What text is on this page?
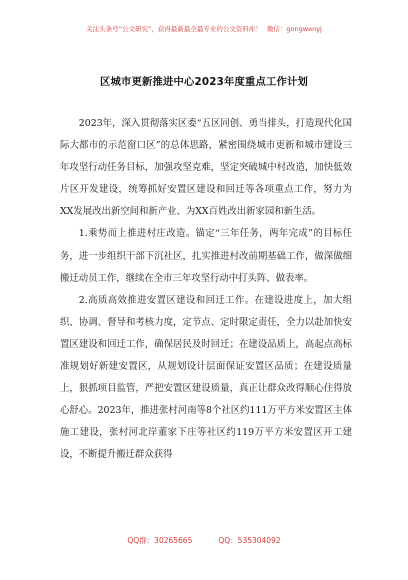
关注头条号“公文研究”，获得最新最全最专业的公文资料库！ 微信：gongwenyj
区城市更新推进中心2023年度重点工作计划

2023年，深入贯彻落实区委“五区同创、勇当排头，打造现代化国际大都市的示范窗口区”的总体思路，紧密围绕城市更新和城市建设三年攻坚行动任务目标，加强攻坚克难，坚定突破城中村改造，加快低效片区开发建设，统筹抓好安置区建设和回迁等各项重点工作，努力为XX发展改出新空间和新产业、为XX百姓改出新家园和新生活。

1.乘势而上推进村庄改造。锚定“三年任务，两年完成”的目标任务，进一步组织干部下沉社区，扎实推进村改前期基础工作，做深做细搬迁动员工作，继续在全市三年攻坚行动中打头阵、做表率。

2.高质高效推进安置区建设和回迁工作。在建设进度上，加大组织、协调、督导和考核力度，定节点、定时限定责任，全力以赴加快安置区建设和回迁工作，确保居民及时回迁；在建设品质上，高起点高标准规划好新建安置区，从规划设计层面保证安置区品质；在建设质量上，狠抓项目监管，严把安置区建设质量，真正让群众改得顺心住得放心舒心。2023年，推进张村河南等8个社区约111万平方米安置区主体施工建设，张村河北岸董家下庄等社区约119万平方米安置区开工建设，不断提升搬迁群众获得

QQ群：30265665	QQ：535304092
